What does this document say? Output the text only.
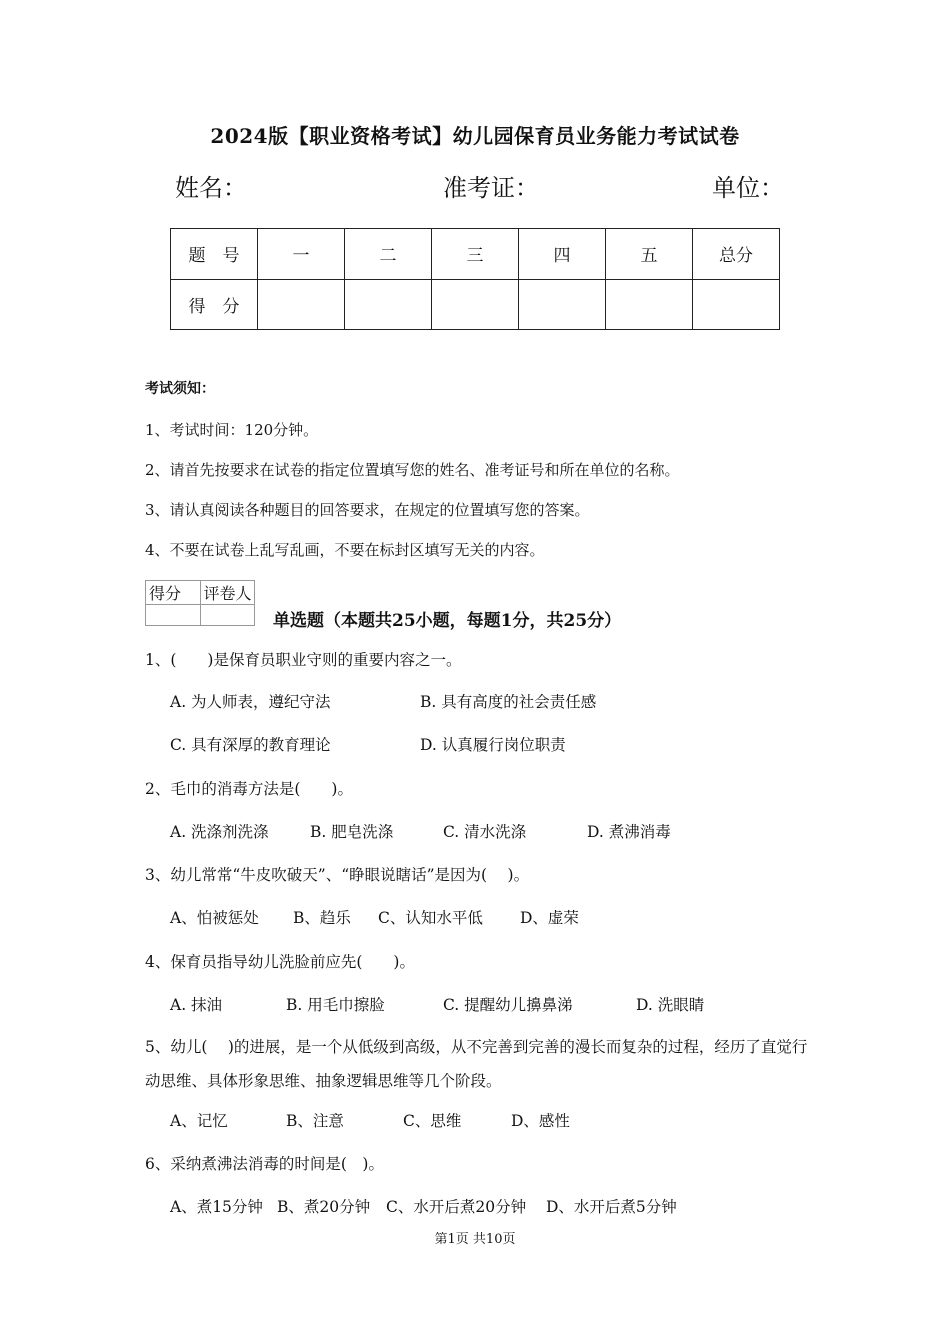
2024版【职业资格考试】幼儿园保育员业务能力考试试卷
姓名：	准考证：	单位：
题　号	一	二	三	四	五	总分
得　分						
考试须知：
1、考试时间：120分钟。
2、请首先按要求在试卷的指定位置填写您的姓名、准考证号和所在单位的名称。
3、请认真阅读各种题目的回答要求，在规定的位置填写您的答案。
4、不要在试卷上乱写乱画，不要在标封区填写无关的内容。
得分	评卷人

单选题（本题共25小题，每题1分，共25分）
1、(　　)是保育员职业守则的重要内容之一。
A. 为人师表，遵纪守法	B. 具有高度的社会责任感
C. 具有深厚的教育理论	D. 认真履行岗位职责
2、毛巾的消毒方法是(　　)。
A. 洗涤剂洗涤	B. 肥皂洗涤	C. 清水洗涤	D. 煮沸消毒
3、幼儿常常“牛皮吹破天”、“睁眼说瞎话”是因为(　 )。
A、怕被惩处 B、趋乐 C、认知水平低 D、虚荣
4、保育员指导幼儿洗脸前应先(　　)。
A. 抹油	B. 用毛巾擦脸	C. 提醒幼儿擤鼻涕	D. 洗眼睛
5、幼儿(　 )的进展，是一个从低级到高级，从不完善到完善的漫长而复杂的过程，经历了直觉行动思维、具体形象思维、抽象逻辑思维等几个阶段。
A、记忆	B、注意	C、思维	D、感性
6、采纳煮沸法消毒的时间是(　)。
A、煮15分钟 B、煮20分钟 C、水开后煮20分钟 D、水开后煮5分钟
第1页 共10页
